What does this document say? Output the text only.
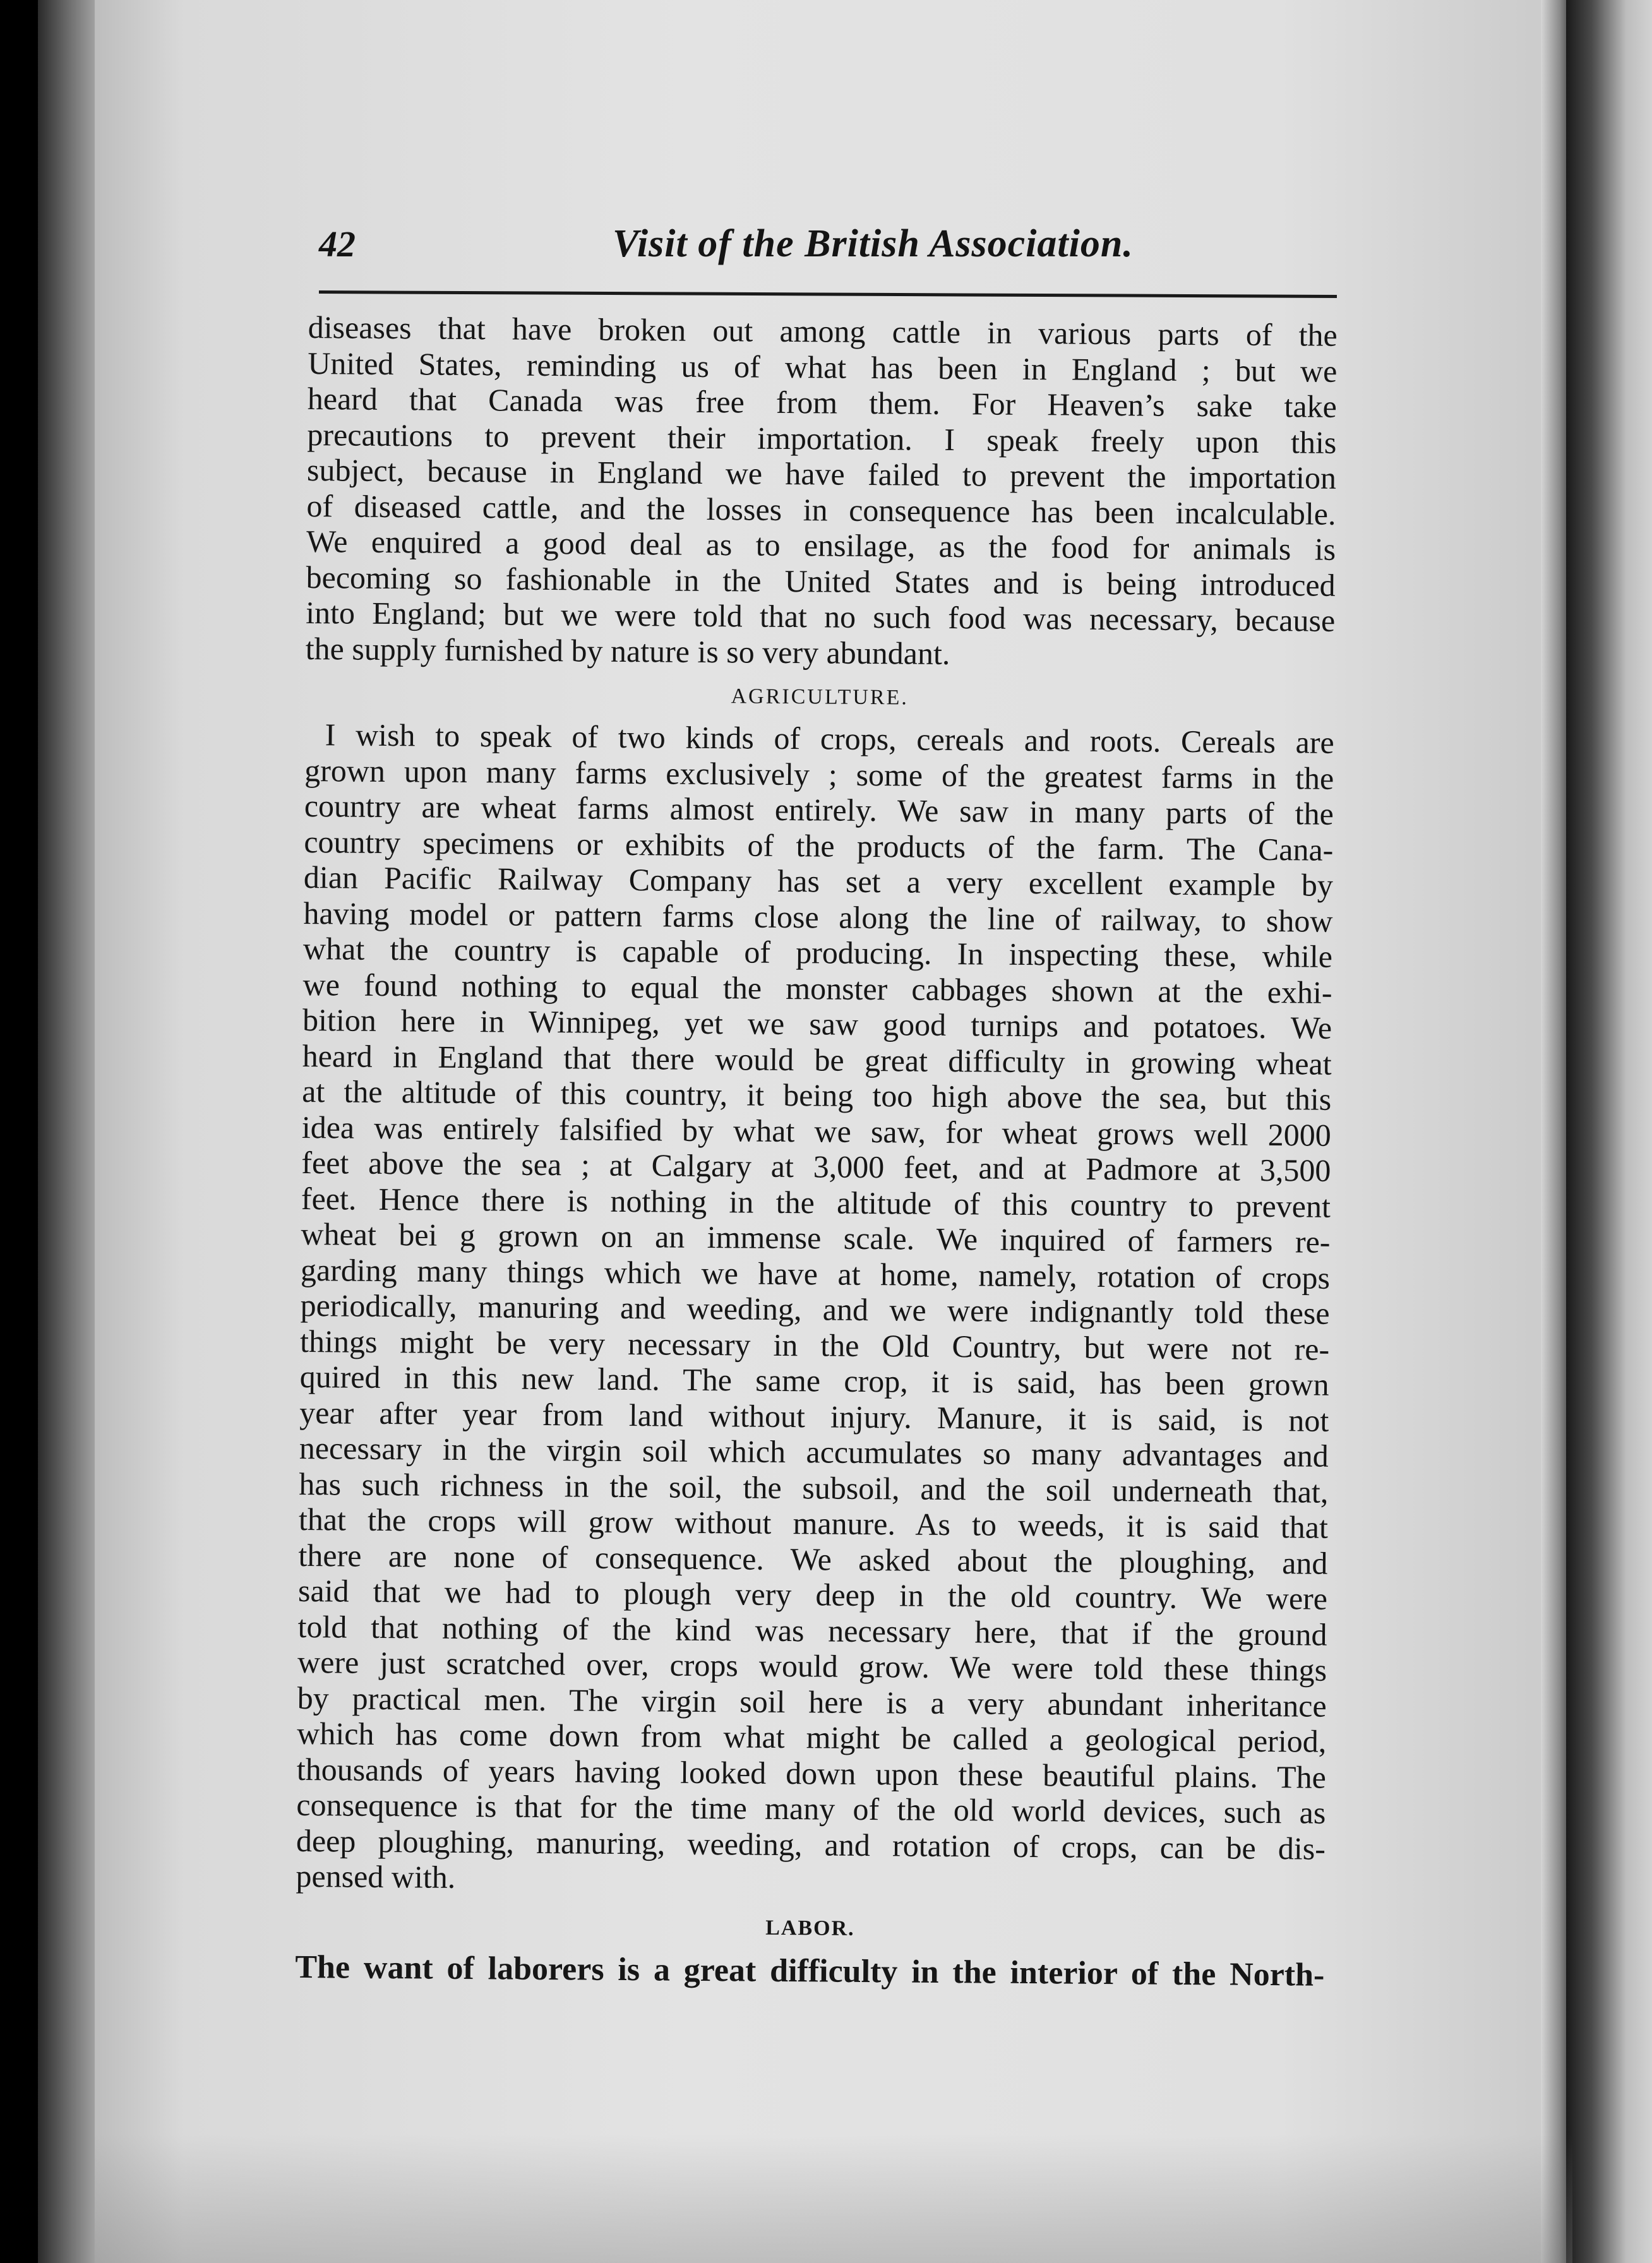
42	Visit of the British Association.
diseases that have broken out among cattle in various parts of the
United States, reminding us of what has been in England ; but we
heard that Canada was free from them. For Heaven’s sake take
precautions to prevent their importation. I speak freely upon this
subject, because in England we have failed to prevent the importation
of diseased cattle, and the losses in consequence has been incalculable.
We enquired a good deal as to ensilage, as the food for animals is
becoming so fashionable in the United States and is being introduced
into England; but we were told that no such food was necessary, because
the supply furnished by nature is so very abundant.
AGRICULTURE.
I wish to speak of two kinds of crops, cereals and roots. Cereals are
grown upon many farms exclusively ; some of the greatest farms in the
country are wheat farms almost entirely. We saw in many parts of the
country specimens or exhibits of the products of the farm. The Cana-
dian Pacific Railway Company has set a very excellent example by
having model or pattern farms close along the line of railway, to show
what the country is capable of producing. In inspecting these, while
we found nothing to equal the monster cabbages shown at the exhi-
bition here in Winnipeg, yet we saw good turnips and potatoes. We
heard in England that there would be great difficulty in growing wheat
at the altitude of this country, it being too high above the sea, but this
idea was entirely falsified by what we saw, for wheat grows well 2000
feet above the sea ; at Calgary at 3,000 feet, and at Padmore at 3,500
feet. Hence there is nothing in the altitude of this country to prevent
wheat bei g grown on an immense scale. We inquired of farmers re-
garding many things which we have at home, namely, rotation of crops
periodically, manuring and weeding, and we were indignantly told these
things might be very necessary in the Old Country, but were not re-
quired in this new land. The same crop, it is said, has been grown
year after year from land without injury. Manure, it is said, is not
necessary in the virgin soil which accumulates so many advantages and
has such richness in the soil, the subsoil, and the soil underneath that,
that the crops will grow without manure. As to weeds, it is said that
there are none of consequence. We asked about the ploughing, and
said that we had to plough very deep in the old country. We were
told that nothing of the kind was necessary here, that if the ground
were just scratched over, crops would grow. We were told these things
by practical men. The virgin soil here is a very abundant inheritance
which has come down from what might be called a geological period,
thousands of years having looked down upon these beautiful plains. The
consequence is that for the time many of the old world devices, such as
deep ploughing, manuring, weeding, and rotation of crops, can be dis-
pensed with.
LABOR.
The want of laborers is a great difficulty in the interior of the North-
